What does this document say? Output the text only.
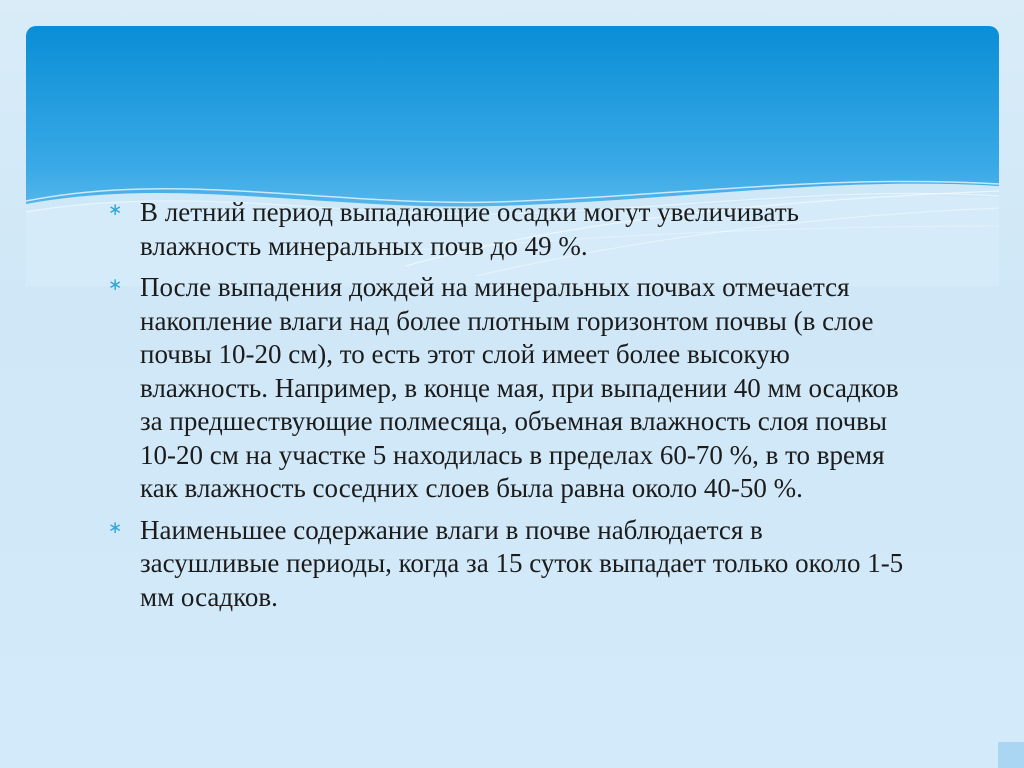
∗ В летний период выпадающие осадки могут увеличивать влажность минеральных почв до 49 %.
∗ После выпадения дождей на минеральных почвах отмечается накопление влаги над более плотным горизонтом почвы (в слое почвы 10-20 см), то есть этот слой имеет более высокую влажность. Например, в конце мая, при выпадении 40 мм осадков за предшествующие полмесяца, объемная влажность слоя почвы 10-20 см на участке 5 находилась в пределах 60-70 %, в то время как влажность соседних слоев была равна около 40-50 %.
∗ Наименьшее содержание влаги в почве наблюдается в засушливые периоды, когда за 15 суток выпадает только около 1-5 мм осадков.
